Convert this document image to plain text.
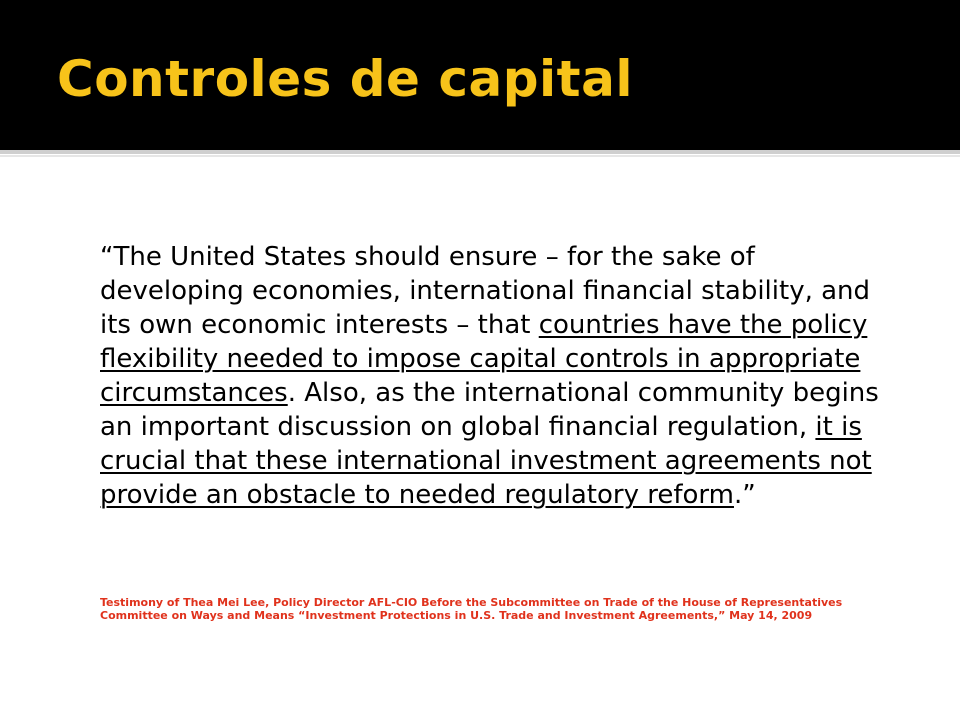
Controles de capital

“The United States should ensure – for the sake of developing economies, international financial stability, and its own economic interests – that countries have the policy flexibility needed to impose capital controls in appropriate circumstances. Also, as the international community begins an important discussion on global financial regulation, it is crucial that these international investment agreements not provide an obstacle to needed regulatory reform.”

Testimony of Thea Mei Lee, Policy Director AFL-CIO Before the Subcommittee on Trade of the House of Representatives Committee on Ways and Means “Investment Protections in U.S. Trade and Investment Agreements,” May 14, 2009
